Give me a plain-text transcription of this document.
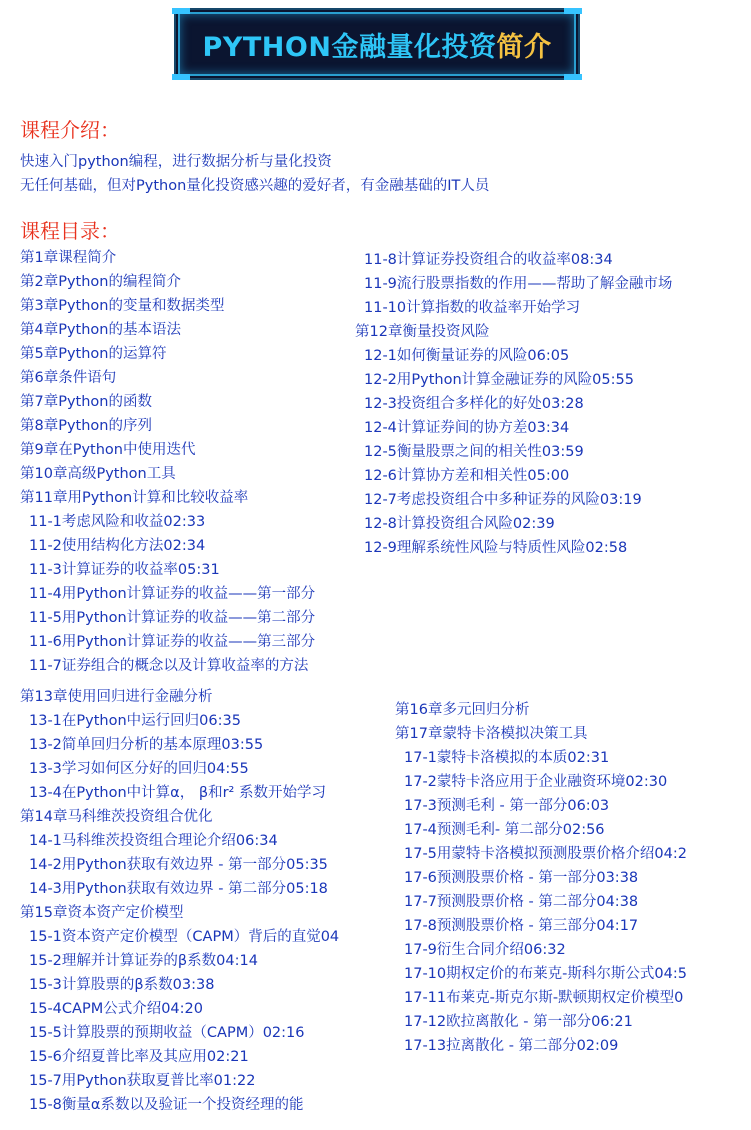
PYTHON金融量化投资简介
课程介绍：
快速入门python编程，进行数据分析与量化投资
无任何基础，但对Python量化投资感兴趣的爱好者，有金融基础的IT人员
课程目录：
第1章课程简介
第2章Python的编程简介
第3章Python的变量和数据类型
第4章Python的基本语法
第5章Python的运算符
第6章条件语句
第7章Python的函数
第8章Python的序列
第9章在Python中使用迭代
第10章高级Python工具
第11章用Python计算和比较收益率
11-1考虑风险和收益02:33
11-2使用结构化方法02:34
11-3计算证券的收益率05:31
11-4用Python计算证券的收益——第一部分
11-5用Python计算证券的收益——第二部分
11-6用Python计算证券的收益——第三部分
11-7证券组合的概念以及计算收益率的方法
11-8计算证券投资组合的收益率08:34
11-9流行股票指数的作用——帮助了解金融市场
11-10计算指数的收益率开始学习
第12章衡量投资风险
12-1如何衡量证券的风险06:05
12-2用Python计算金融证券的风险05:55
12-3投资组合多样化的好处03:28
12-4计算证券间的协方差03:34
12-5衡量股票之间的相关性03:59
12-6计算协方差和相关性05:00
12-7考虑投资组合中多种证券的风险03:19
12-8计算投资组合风险02:39
12-9理解系统性风险与特质性风险02:58
第13章使用回归进行金融分析
13-1在Python中运行回归06:35
13-2简单回归分析的基本原理03:55
13-3学习如何区分好的回归04:55
13-4在Python中计算α， β和r² 系数开始学习
第14章马科维茨投资组合优化
14-1马科维茨投资组合理论介绍06:34
14-2用Python获取有效边界 - 第一部分05:35
14-3用Python获取有效边界 - 第二部分05:18
第15章资本资产定价模型
15-1资本资产定价模型（CAPM）背后的直觉04
15-2理解并计算证券的β系数04:14
15-3计算股票的β系数03:38
15-4CAPM公式介绍04:20
15-5计算股票的预期收益（CAPM）02:16
15-6介绍夏普比率及其应用02:21
15-7用Python获取夏普比率01:22
15-8衡量α系数以及验证一个投资经理的能
第16章多元回归分析
第17章蒙特卡洛模拟决策工具
17-1蒙特卡洛模拟的本质02:31
17-2蒙特卡洛应用于企业融资环境02:30
17-3预测毛利 - 第一部分06:03
17-4预测毛利- 第二部分02:56
17-5用蒙特卡洛模拟预测股票价格介绍04:2
17-6预测股票价格 - 第一部分03:38
17-7预测股票价格 - 第二部分04:38
17-8预测股票价格 - 第三部分04:17
17-9衍生合同介绍06:32
17-10期权定价的布莱克-斯科尔斯公式04:5
17-11布莱克-斯克尔斯-默顿期权定价模型0
17-12欧拉离散化 - 第一部分06:21
17-13拉离散化 - 第二部分02:09
